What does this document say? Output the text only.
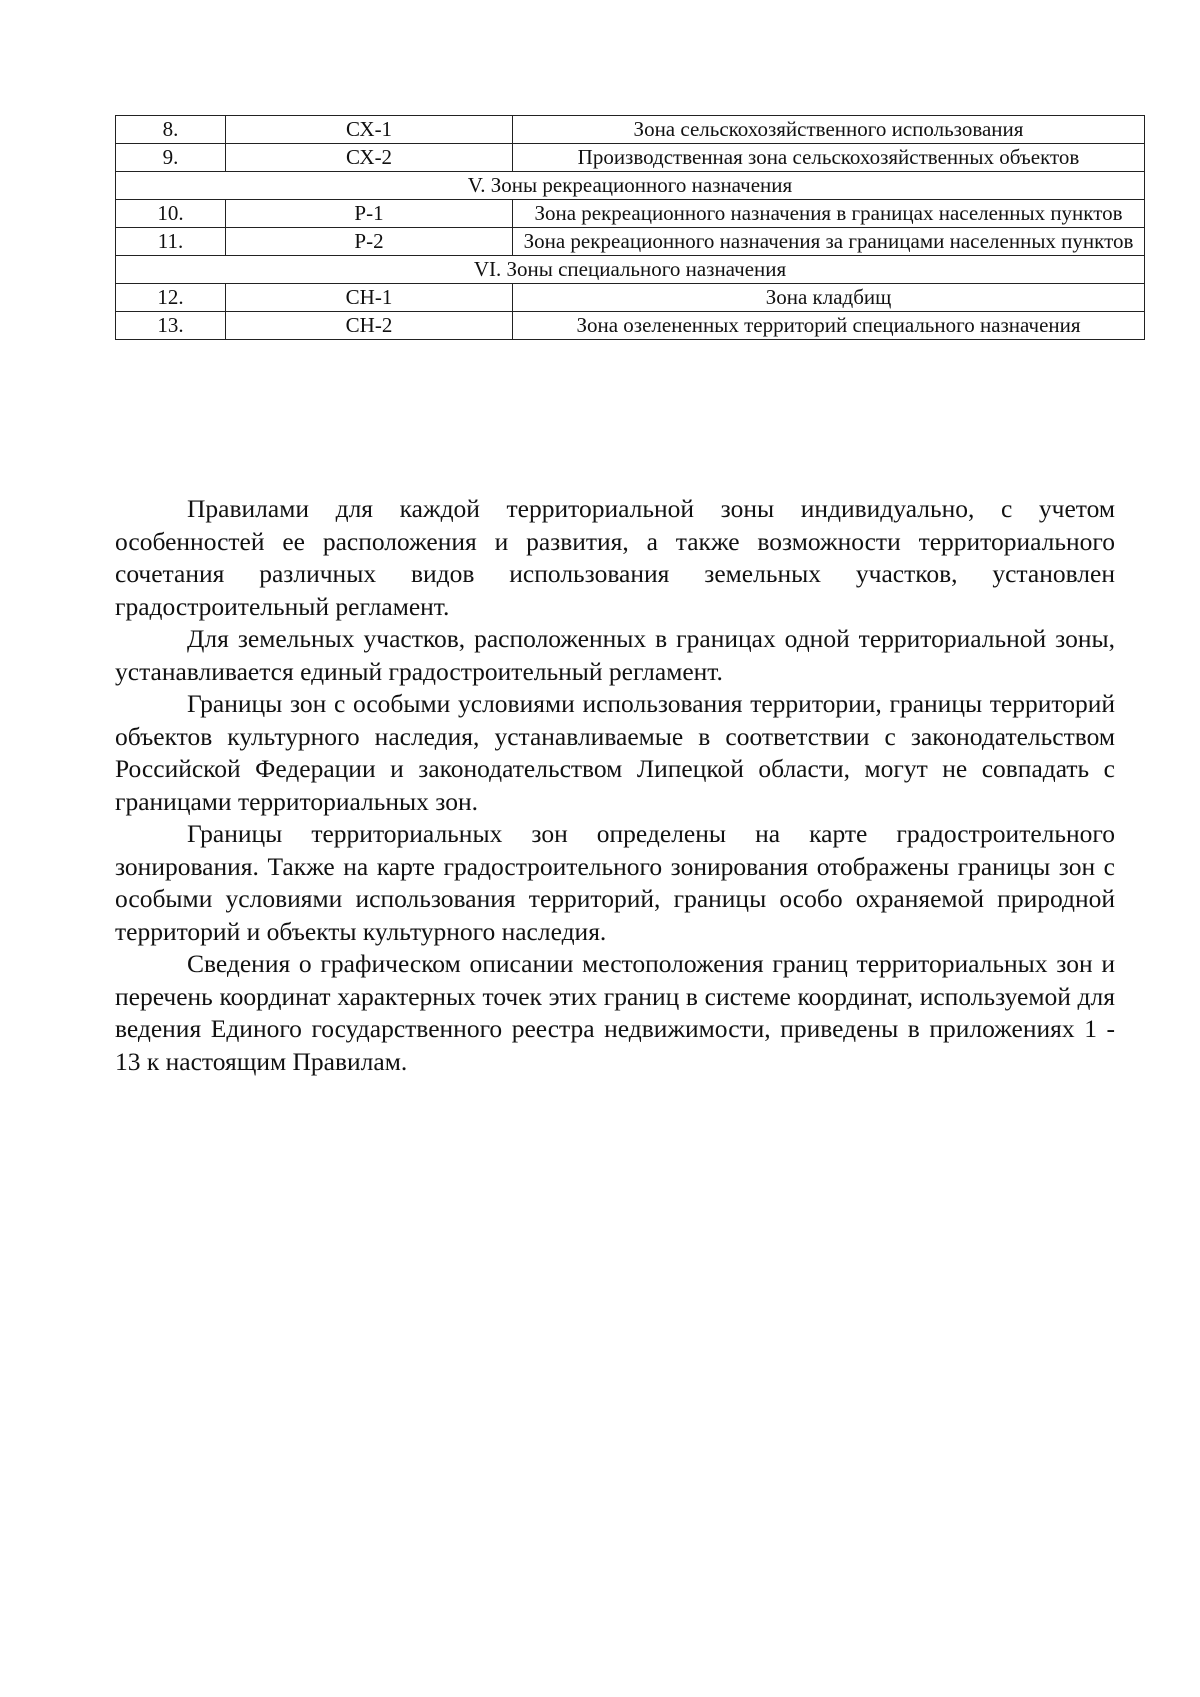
8.	СХ-1	Зона сельскохозяйственного использования
9.	СХ-2	Производственная зона сельскохозяйственных объектов
V. Зоны рекреационного назначения		
10.	Р-1	Зона рекреационного назначения в границах населенных пунктов
11.	Р-2	Зона рекреационного назначения за границами населенных пунктов
VI. Зоны специального назначения		
12.	СН-1	Зона кладбищ
13.	СН-2	Зона озелененных территорий специального назначения

Правилами для каждой территориальной зоны индивидуально, с учетом особенностей ее расположения и развития, а также возможности территориального сочетания различных видов использования земельных участков, установлен градостроительный регламент.

Для земельных участков, расположенных в границах одной территориальной зоны, устанавливается единый градостроительный регламент.

Границы зон с особыми условиями использования территории, границы территорий объектов культурного наследия, устанавливаемые в соответствии с законодательством Российской Федерации и законодательством Липецкой области, могут не совпадать с границами территориальных зон.

Границы территориальных зон определены на карте градостроительного зонирования. Также на карте градостроительного зонирования отображены границы зон с особыми условиями использования территорий, границы особо охраняемой природной территорий и объекты культурного наследия.

Сведения о графическом описании местоположения границ территориальных зон и перечень координат характерных точек этих границ в системе координат, используемой для ведения Единого государственного реестра недвижимости, приведены в приложениях 1 - 13 к настоящим Правилам.
